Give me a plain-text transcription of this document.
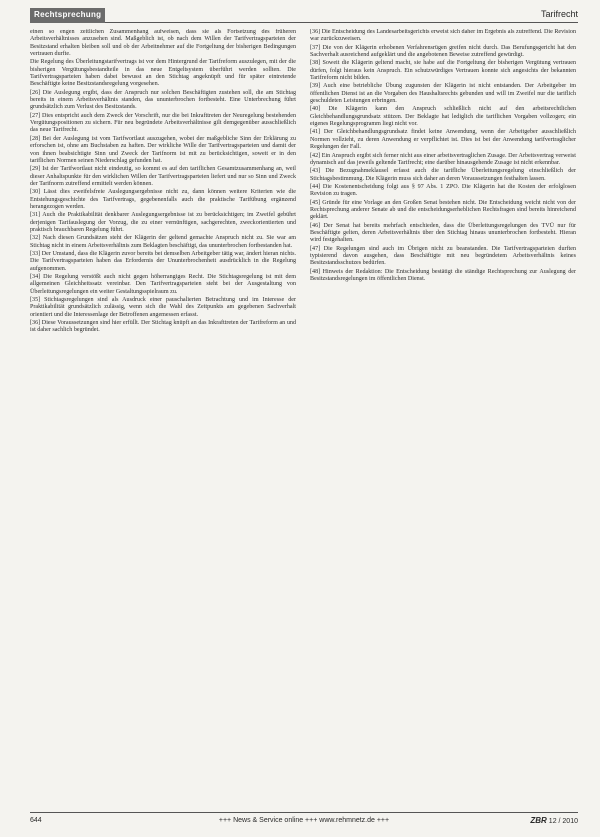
Rechtsprechung	Tarifrecht

einen so engen zeitlichen Zusammenhang aufweisen, dass sie als Fortsetzung des früheren Arbeitsverhältnisses anzusehen sind. Maßgeblich ist, ob nach dem Willen der Tarifvertragsparteien der Besitzstand erhalten bleiben soll und ob der Arbeitnehmer auf die Fortgeltung der bisherigen Bedingungen vertrauen durfte.

Die Regelung des Überleitungstarifvertrags ist vor dem Hintergrund der Tarifreform auszulegen, mit der die bisherigen Vergütungsbestandteile in das neue Entgeltsystem überführt werden sollten. Die Tarifvertragsparteien haben dabei bewusst an den Stichtag angeknüpft und für später eintretende Beschäftigte keine Besitzstandsregelung vorgesehen.

[26] Die Auslegung ergibt, dass der Anspruch nur solchen Beschäftigten zustehen soll, die am Stichtag bereits in einem Arbeitsverhältnis standen, das ununterbrochen fortbesteht. Eine Unterbrechung führt grundsätzlich zum Verlust des Besitzstands.

[27] Dies entspricht auch dem Zweck der Vorschrift, nur die bei Inkrafttreten der Neuregelung bestehenden Vergütungspositionen zu sichern. Für neu begründete Arbeitsverhältnisse gilt demgegenüber ausschließlich das neue Tarifrecht.

[28] Bei der Auslegung ist vom Tarifwortlaut auszugehen, wobei der maßgebliche Sinn der Erklärung zu erforschen ist, ohne am Buchstaben zu haften. Der wirkliche Wille der Tarifvertragsparteien und damit der von ihnen beabsichtigte Sinn und Zweck der Tarifnorm ist mit zu berücksichtigen, soweit er in den tariflichen Normen seinen Niederschlag gefunden hat.

[29] Ist der Tarifwortlaut nicht eindeutig, so kommt es auf den tariflichen Gesamtzusammenhang an, weil dieser Anhaltspunkte für den wirklichen Willen der Tarifvertragsparteien liefert und nur so Sinn und Zweck der Tarifnorm zutreffend ermittelt werden können.

[30] Lässt dies zweifelsfreie Auslegungsergebnisse nicht zu, dann können weitere Kriterien wie die Entstehungsgeschichte des Tarifvertrags, gegebenenfalls auch die praktische Tarifübung ergänzend herangezogen werden.

[31] Auch die Praktikabilität denkbarer Auslegungsergebnisse ist zu berücksichtigen; im Zweifel gebührt derjenigen Tarifauslegung der Vorzug, die zu einer vernünftigen, sachgerechten, zweckorientierten und praktisch brauchbaren Regelung führt.

[32] Nach diesen Grundsätzen steht der Klägerin der geltend gemachte Anspruch nicht zu. Sie war am Stichtag nicht in einem Arbeitsverhältnis zum Beklagten beschäftigt, das ununterbrochen fortbestanden hat.

[33] Der Umstand, dass die Klägerin zuvor bereits bei demselben Arbeitgeber tätig war, ändert hieran nichts. Die Tarifvertragsparteien haben das Erfordernis der Ununterbrochenheit ausdrücklich in die Regelung aufgenommen.

[34] Die Regelung verstößt auch nicht gegen höherrangiges Recht. Die Stichtagsregelung ist mit dem allgemeinen Gleichheitssatz vereinbar. Den Tarifvertragsparteien steht bei der Ausgestaltung von Überleitungsregelungen ein weiter Gestaltungsspielraum zu.

[35] Stichtagsregelungen sind als Ausdruck einer pauschalierten Betrachtung und im Interesse der Praktikabilität grundsätzlich zulässig, wenn sich die Wahl des Zeitpunkts am gegebenen Sachverhalt orientiert und die Interessenlage der Betroffenen angemessen erfasst.

[36] Diese Voraussetzungen sind hier erfüllt. Der Stichtag knüpft an das Inkrafttreten der Tarifreform an und ist daher sachlich begründet.

[36] Die Entscheidung des Landesarbeitsgerichts erweist sich daher im Ergebnis als zutreffend. Die Revision war zurückzuweisen.

[37] Die von der Klägerin erhobenen Verfahrensrügen greifen nicht durch. Das Berufungsgericht hat den Sachverhalt ausreichend aufgeklärt und die angebotenen Beweise zutreffend gewürdigt.

[38] Soweit die Klägerin geltend macht, sie habe auf die Fortgeltung der bisherigen Vergütung vertrauen dürfen, folgt hieraus kein Anspruch. Ein schutzwürdiges Vertrauen konnte sich angesichts der bekannten Tarifreform nicht bilden.

[39] Auch eine betriebliche Übung zugunsten der Klägerin ist nicht entstanden. Der Arbeitgeber im öffentlichen Dienst ist an die Vorgaben des Haushaltsrechts gebunden und will im Zweifel nur die tariflich geschuldeten Leistungen erbringen.

[40] Die Klägerin kann den Anspruch schließlich nicht auf den arbeitsrechtlichen Gleichbehandlungsgrundsatz stützen. Der Beklagte hat lediglich die tariflichen Vorgaben vollzogen; ein eigenes Regelungsprogramm liegt nicht vor.

[41] Der Gleichbehandlungsgrundsatz findet keine Anwendung, wenn der Arbeitgeber ausschließlich Normen vollzieht, zu deren Anwendung er verpflichtet ist. Dies ist bei der Anwendung tarifvertraglicher Regelungen der Fall.

[42] Ein Anspruch ergibt sich ferner nicht aus einer arbeitsvertraglichen Zusage. Der Arbeitsvertrag verweist dynamisch auf das jeweils geltende Tarifrecht; eine darüber hinausgehende Zusage ist nicht erkennbar.

[43] Die Bezugnahmeklausel erfasst auch die tarifliche Überleitungsregelung einschließlich der Stichtagsbestimmung. Die Klägerin muss sich daher an deren Voraussetzungen festhalten lassen.

[44] Die Kostenentscheidung folgt aus § 97 Abs. 1 ZPO. Die Klägerin hat die Kosten der erfolglosen Revision zu tragen.

[45] Gründe für eine Vorlage an den Großen Senat bestehen nicht. Die Entscheidung weicht nicht von der Rechtsprechung anderer Senate ab und die entscheidungserheblichen Rechtsfragen sind bereits hinreichend geklärt.

[46] Der Senat hat bereits mehrfach entschieden, dass die Überleitungsregelungen des TVÜ nur für Beschäftigte gelten, deren Arbeitsverhältnis über den Stichtag hinaus ununterbrochen fortbesteht. Hieran wird festgehalten.

[47] Die Regelungen sind auch im Übrigen nicht zu beanstanden. Die Tarifvertragsparteien durften typisierend davon ausgehen, dass Beschäftigte mit neu begründetem Arbeitsverhältnis keines Besitzstandsschutzes bedürfen.

[48] Hinweis der Redaktion: Die Entscheidung bestätigt die ständige Rechtsprechung zur Auslegung der Besitzstandsregelungen im öffentlichen Dienst.

644	+++ News & Service online +++ www.rehmnetz.de +++	ZBR 12 / 2010
